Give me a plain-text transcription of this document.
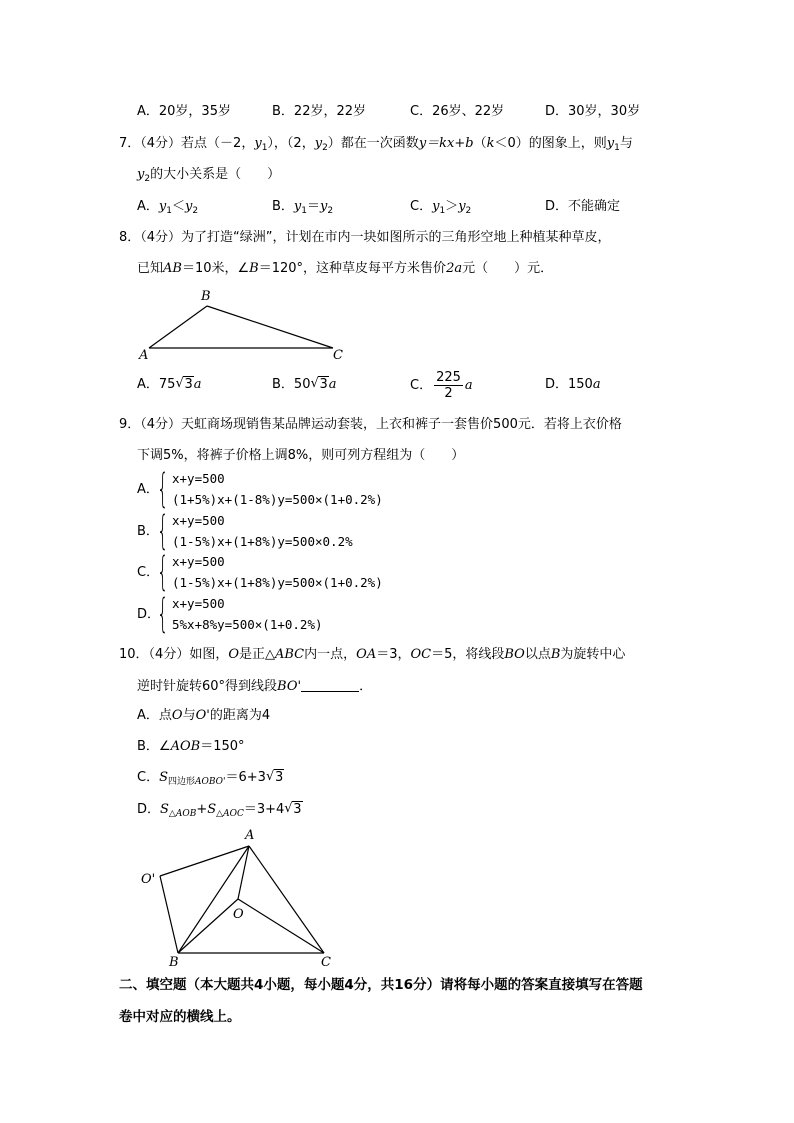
A．20岁，35岁	B．22岁，22岁	C．26岁、22岁	D．30岁，30岁
7．（4分）若点（－2，$y_1$），（2，$y_2$）都在一次函数y＝kx+b（k＜0）的图象上，则$y_1$与
$y_2$的大小关系是（　　）
A．$y_1<y_2$	B．$y_1=y_2$	C．$y_1>y_2$	D．不能确定
8．（4分）为了打造“绿洲”，计划在市内一块如图所示的三角形空地上种植某种草皮，
已知AB＝10米，∠B＝120°，这种草皮每平方米售价2a元（　　）元．
B
A	C
A．75 √ 3a	B．50 √ 3a	C． $\frac{225}{2}$ a	D．150a
9．（4分）天虹商场现销售某品牌运动套装，上衣和裤子一套售价500元．若将上衣价格
下调5%，将裤子价格上调8%，则可列方程组为（　　）
A．
{ x+y=500
(1+5%)x+(1-8%)y=500×(1+0.2%)
B．
{ x+y=500
(1-5%)x+(1+8%)y=500×0.2%
C．
{ x+y=500
(1-5%)x+(1+8%)y=500×(1+0.2%)
D．
{ x+y=500
5%x+8%y=500×(1+0.2%)
10．（4分）如图，O是正△ABC内一点，OA＝3，OC＝5，将线段BO以点B为旋转中心
逆时针旋转60°得到线段BO'	．
A．点O与O'的距离为4
B．∠AOB＝150°
C．$S_{四边形AOBO'}=6+3$ √ 3
D．$S_{\triangle AOB}+S_{\triangle AOC}=3+4$ √ 3
A
O'
O
B	C
二、填空题（本大题共4小题，每小题4分，共16分）请将每小题的答案直接填写在答题
卷中对应的横线上。
